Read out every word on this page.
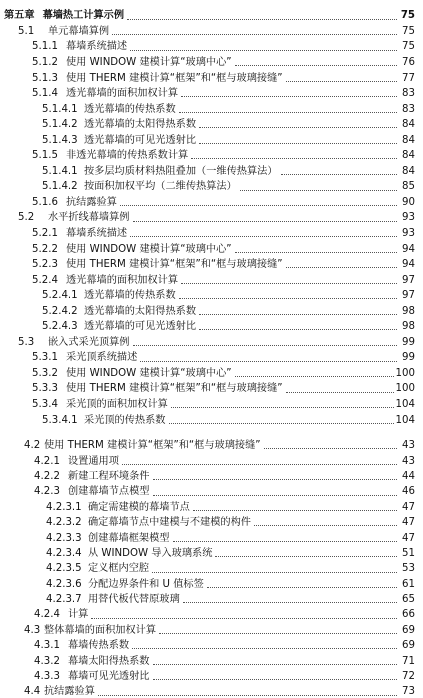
第五章 幕墙热工计算示例	75
5.1	单元幕墙算例	75
5.1.1 幕墙系统描述	75
5.1.2 使用 WINDOW 建模计算“玻璃中心”	76
5.1.3 使用 THERM 建模计算“框架”和“框与玻璃接缝”	77
5.1.4 透光幕墙的面积加权计算	83
5.1.4.1 透光幕墙的传热系数	83
5.1.4.2 透光幕墙的太阳得热系数	84
5.1.4.3 透光幕墙的可见光透射比	84
5.1.5 非透光幕墙的传热系数计算	84
5.1.4.1 按多层均质材料热阻叠加（一维传热算法）	84
5.1.4.2 按面积加权平均（二维传热算法）	85
5.1.6 抗结露验算	90
5.2	水平折线幕墙算例	93
5.2.1 幕墙系统描述	93
5.2.2 使用 WINDOW 建模计算“玻璃中心”	94
5.2.3 使用 THERM 建模计算“框架”和“框与玻璃接缝”	94
5.2.4 透光幕墙的面积加权计算	97
5.2.4.1 透光幕墙的传热系数	97
5.2.4.2 透光幕墙的太阳得热系数	98
5.2.4.3 透光幕墙的可见光透射比	98
5.3	嵌入式采光顶算例	99
5.3.1 采光顶系统描述	99
5.3.2 使用 WINDOW 建模计算“玻璃中心”	100
5.3.3 使用 THERM 建模计算“框架”和“框与玻璃接缝”	100
5.3.4 采光顶的面积加权计算	104
5.3.4.1 采光顶的传热系数	104
4.2 使用 THERM 建模计算“框架”和“框与玻璃接缝”	43
4.2.1 设置通用项	43
4.2.2 新建工程环境条件	44
4.2.3 创建幕墙节点模型	46
4.2.3.1 确定需建模的幕墙节点	47
4.2.3.2 确定幕墙节点中建模与不建模的构件	47
4.2.3.3 创建幕墙框架模型	47
4.2.3.4 从 WINDOW 导入玻璃系统	51
4.2.3.5 定义框内空腔	53
4.2.3.6 分配边界条件和 U 值标签	61
4.2.3.7 用替代板代替原玻璃	65
4.2.4 计算	66
4.3 整体幕墙的面积加权计算	69
4.3.1 幕墙传热系数	69
4.3.2 幕墙太阳得热系数	71
4.3.3 幕墙可见光透射比	72
4.4 抗结露验算	73
